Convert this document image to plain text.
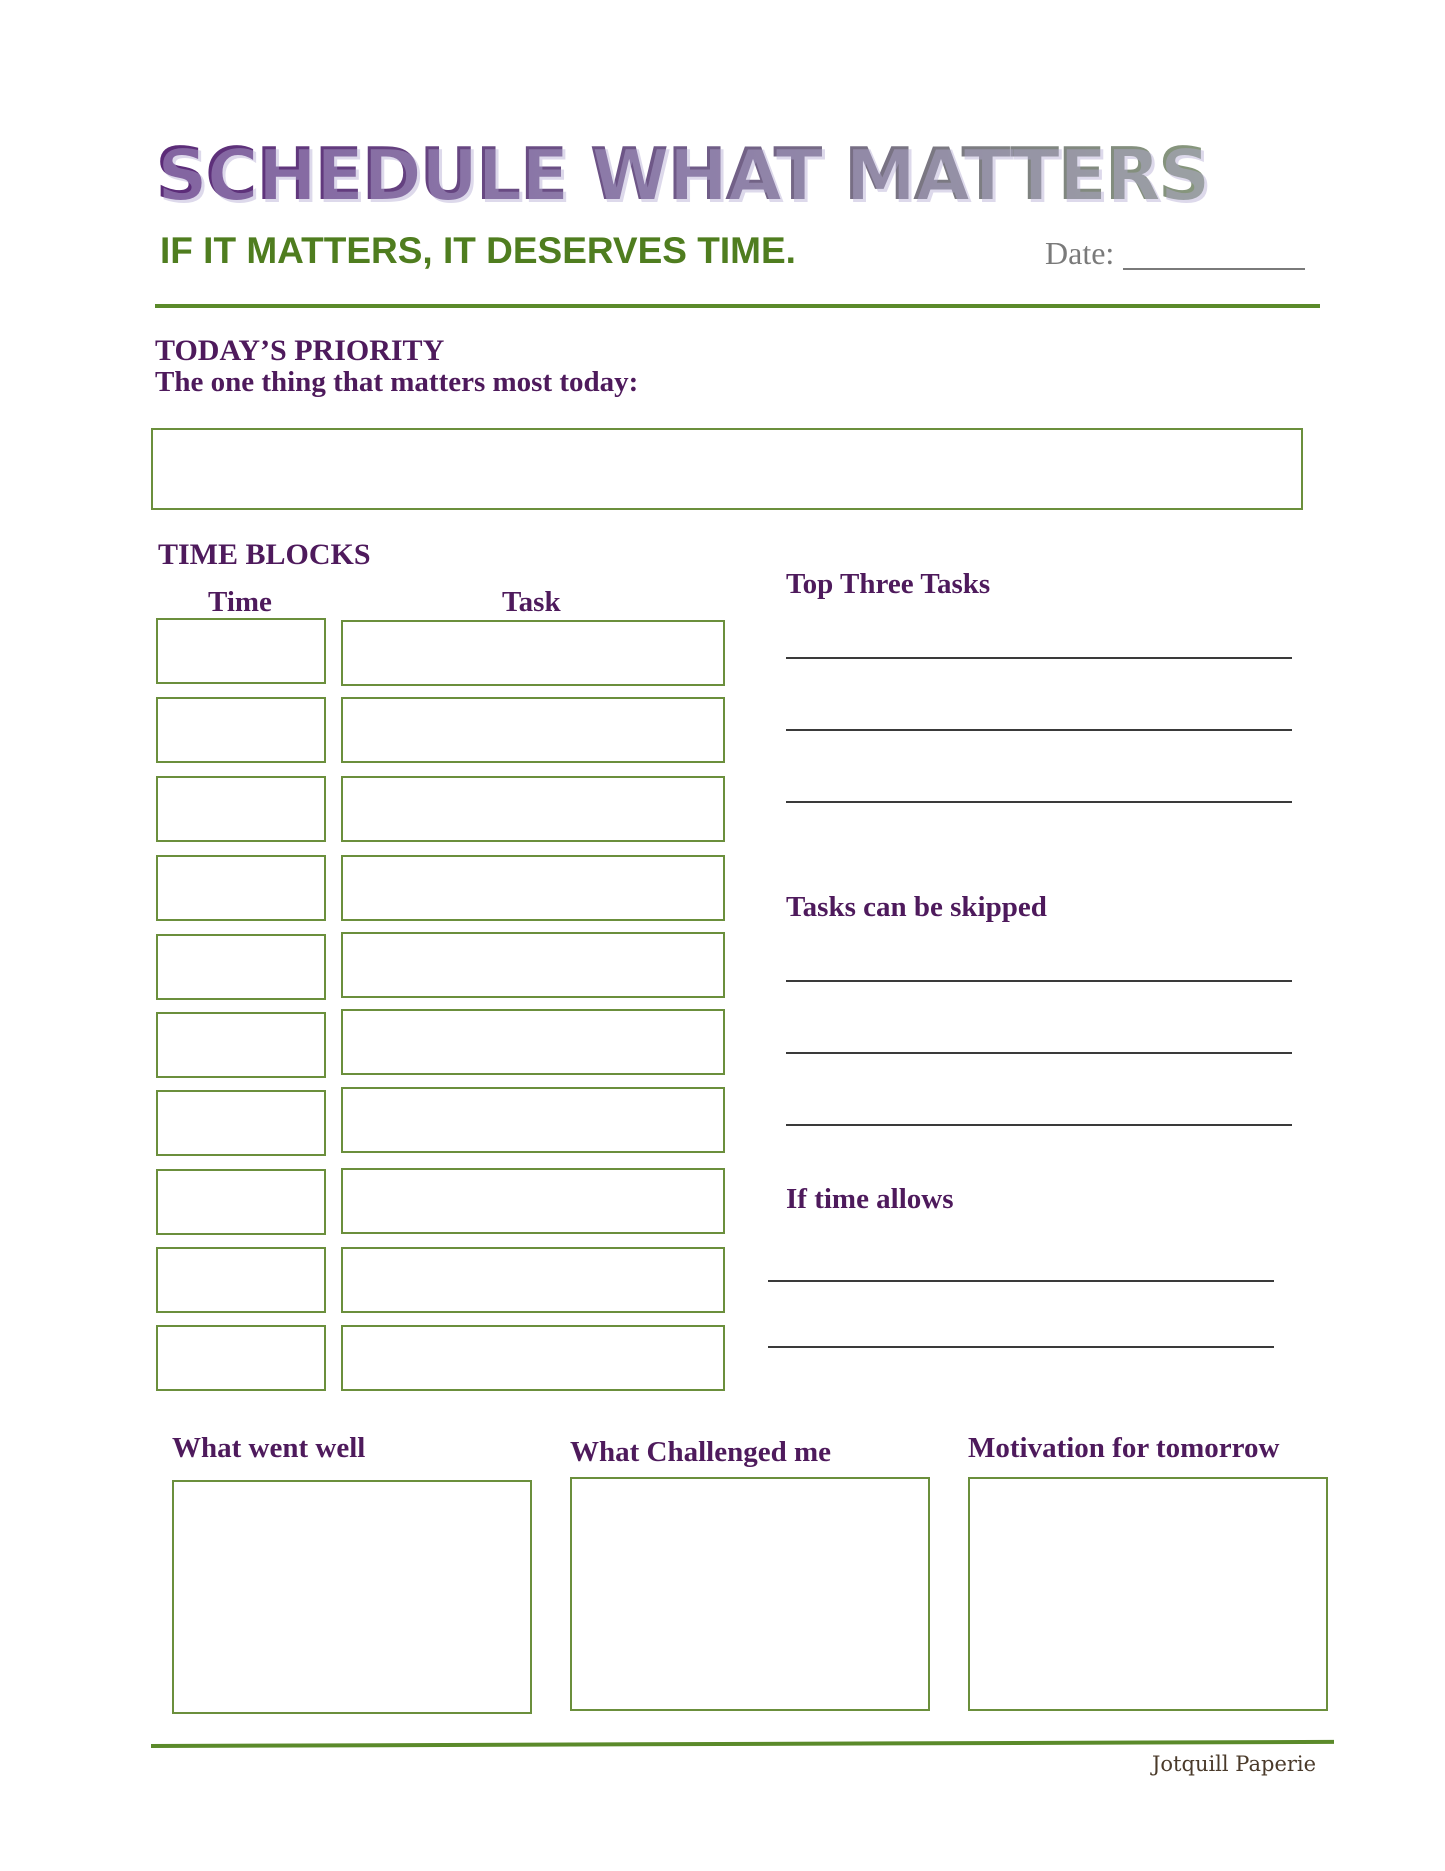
SCHEDULE WHAT MATTERS
IF IT MATTERS, IT DESERVES TIME.	Date:
TODAY’S PRIORITY
The one thing that matters most today:
TIME BLOCKS
Time	Task
Top Three Tasks
Tasks can be skipped
If time allows
What went well	What Challenged me	Motivation for tomorrow
Jotquill Paperie
